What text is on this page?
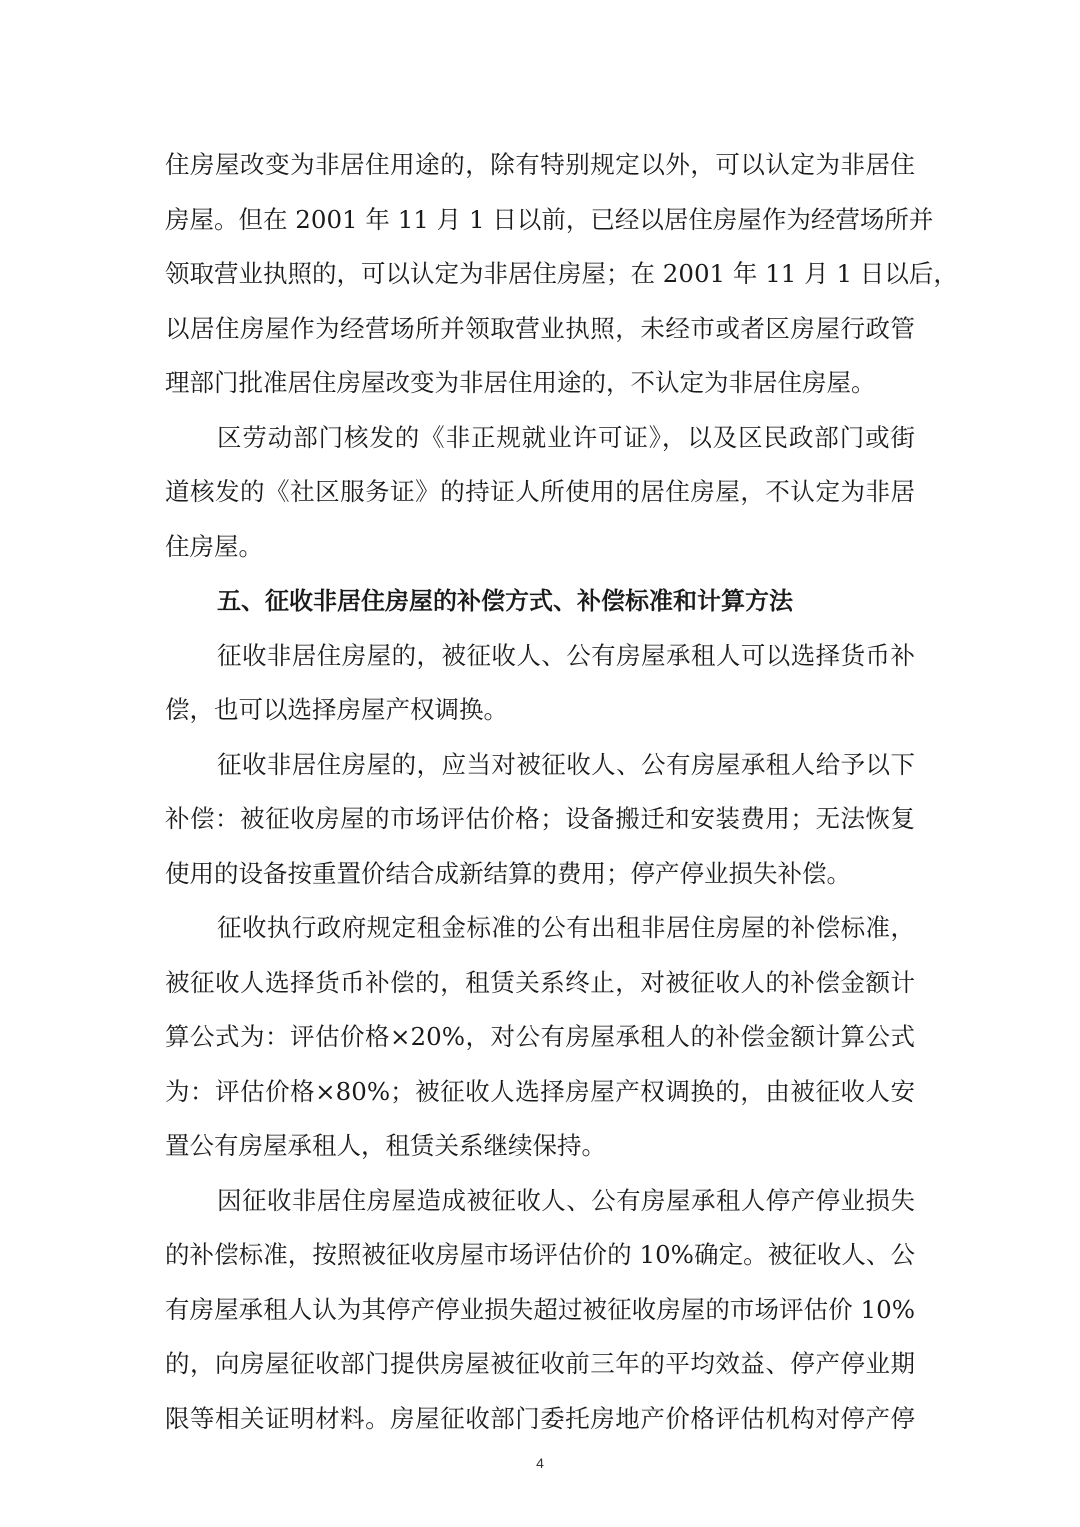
住房屋改变为非居住用途的，除有特别规定以外，可以认定为非居住
房屋。但在 2001 年 11 月 1 日以前，已经以居住房屋作为经营场所并
领取营业执照的，可以认定为非居住房屋；在 2001 年 11 月 1 日以后，
以居住房屋作为经营场所并领取营业执照，未经市或者区房屋行政管
理部门批准居住房屋改变为非居住用途的，不认定为非居住房屋。

区劳动部门核发的《非正规就业许可证》，以及区民政部门或街
道核发的《社区服务证》的持证人所使用的居住房屋，不认定为非居
住房屋。

五、征收非居住房屋的补偿方式、补偿标准和计算方法

征收非居住房屋的，被征收人、公有房屋承租人可以选择货币补
偿，也可以选择房屋产权调换。

征收非居住房屋的，应当对被征收人、公有房屋承租人给予以下
补偿：被征收房屋的市场评估价格；设备搬迁和安装费用；无法恢复
使用的设备按重置价结合成新结算的费用；停产停业损失补偿。

征收执行政府规定租金标准的公有出租非居住房屋的补偿标准，
被征收人选择货币补偿的，租赁关系终止，对被征收人的补偿金额计
算公式为：评估价格×20%，对公有房屋承租人的补偿金额计算公式
为：评估价格×80%；被征收人选择房屋产权调换的，由被征收人安
置公有房屋承租人，租赁关系继续保持。

因征收非居住房屋造成被征收人、公有房屋承租人停产停业损失
的补偿标准，按照被征收房屋市场评估价的 10%确定。被征收人、公
有房屋承租人认为其停产停业损失超过被征收房屋的市场评估价 10%
的，向房屋征收部门提供房屋被征收前三年的平均效益、停产停业期
限等相关证明材料。房屋征收部门委托房地产价格评估机构对停产停

4
